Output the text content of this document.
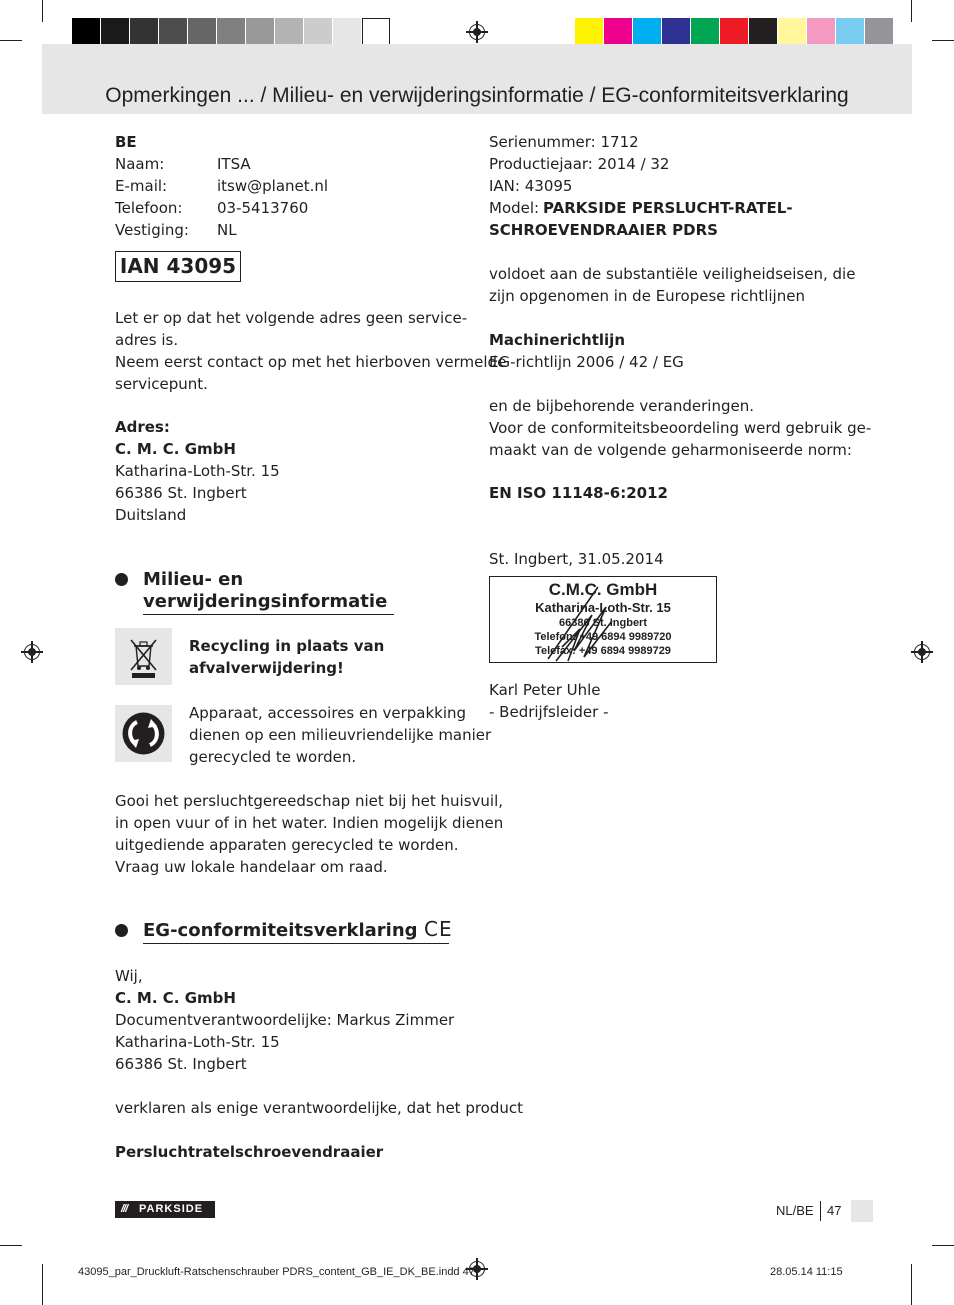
Opmerkingen ... / Milieu- en verwijderingsinformatie / EG-conformiteitsverklaring
BE
Naam:	ITSA
E-mail:	itsw@planet.nl
Telefoon: 03-5413760
Vestiging: NL
IAN 43095
Let er op dat het volgende adres geen service-
adres is.
Neem eerst contact op met het hierboven vermelde
servicepunt.
Adres:
C. M. C. GmbH
Katharina-Loth-Str. 15
66386 St. Ingbert
Duitsland
Milieu- en
verwijderingsinformatie
Recycling in plaats van
afvalverwijdering!
Apparaat, accessoires en verpakking
dienen op een milieuvriendelijke manier
gerecycled te worden.
Gooi het persluchtgereedschap niet bij het huisvuil,
in open vuur of in het water. Indien mogelijk dienen
uitgediende apparaten gerecycled te worden.
Vraag uw lokale handelaar om raad.
EG-conformiteitsverklaring CE
Wij,
C. M. C. GmbH
Documentverantwoordelijke: Markus Zimmer
Katharina-Loth-Str. 15
66386 St. Ingbert
verklaren als enige verantwoordelijke, dat het product
Persluchtratelschroevendraaier
Serienummer: 1712
Productiejaar: 2014 / 32
IAN: 43095
Model: PARKSIDE PERSLUCHT-RATEL-
SCHROEVENDRAAIER PDRS
voldoet aan de substantiële veiligheidseisen, die
zijn opgenomen in de Europese richtlijnen
Machinerichtlijn
EG-richtlijn 2006 / 42 / EG
en de bijbehorende veranderingen.
Voor de conformiteitsbeoordeling werd gebruik ge-
maakt van de volgende geharmoniseerde norm:
EN ISO 11148-6:2012
St. Ingbert, 31.05.2014
C.M.C. GmbH
Katharina-Loth-Str. 15
66386 St. Ingbert
Telefon: +49 6894 9989720
Telefax: +49 6894 9989729
Karl Peter Uhle
- Bedrijfsleider -
/// PARKSIDE	NL/BE 47
43095_par_Druckluft-Ratschenschrauber PDRS_content_GB_IE_DK_BE.indd 47	28.05.14 11:15
